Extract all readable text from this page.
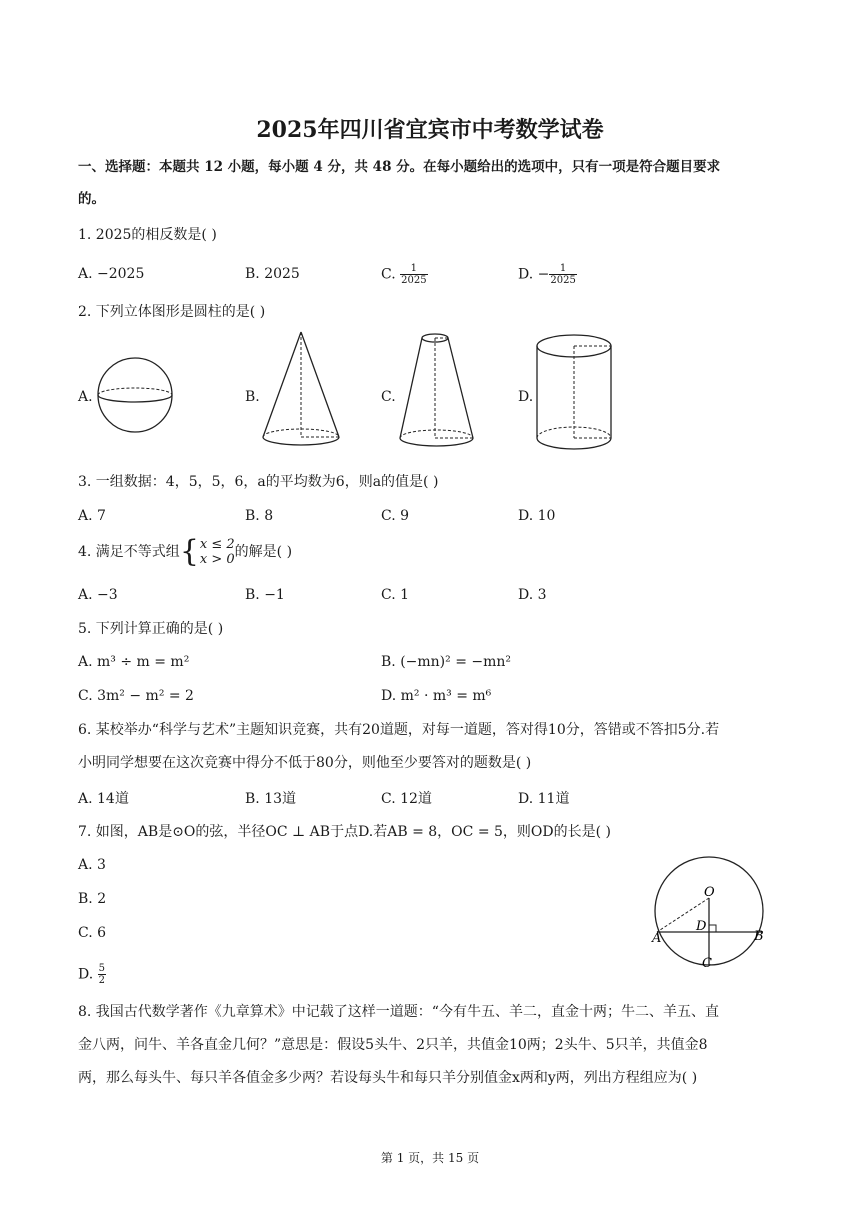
2025年四川省宜宾市中考数学试卷
一、选择题：本题共 12 小题，每小题 4 分，共 48 分。在每小题给出的选项中，只有一项是符合题目要求
的。
1. 2025的相反数是( )
A. −2025	B. 2025	C. $\frac{1}{2025}$	D. − $\frac{1}{2025}$
2. 下列立体图形是圆柱的是( )
A.	B.	C.	D.
3. 一组数据：4，5，5，6，a的平均数为6，则a的值是( )
A. 7	B. 8	C. 9	D. 10
4. 满足不等式组 { x ≤ 2
x > 0 的解是( )
A. −3	B. −1	C. 1	D. 3
5. 下列计算正确的是( )
A. m³ ÷ m = m²	B. (−mn)² = −mn²
C. 3m² − m² = 2	D. m² · m³ = m⁶
6. 某校举办“科学与艺术”主题知识竞赛，共有20道题，对每一道题，答对得10分，答错或不答扣5分.若
小明同学想要在这次竞赛中得分不低于80分，则他至少要答对的题数是( )
A. 14道	B. 13道	C. 12道	D. 11道
7. 如图，AB是⊙O的弦，半径OC ⊥ AB于点D.若AB = 8，OC = 5，则OD的长是( )
A. 3
B. 2
C. 6
D. $\frac{5}{2}$
O
D
A	B
C
8. 我国古代数学著作《九章算术》中记载了这样一道题：“今有牛五、羊二，直金十两；牛二、羊五、直
金八两，问牛、羊各直金几何？”意思是：假设5头牛、2只羊，共值金10两；2头牛、5只羊，共值金8
两，那么每头牛、每只羊各值金多少两？若设每头牛和每只羊分别值金x两和y两，列出方程组应为( )
第 1 页，共 15 页
